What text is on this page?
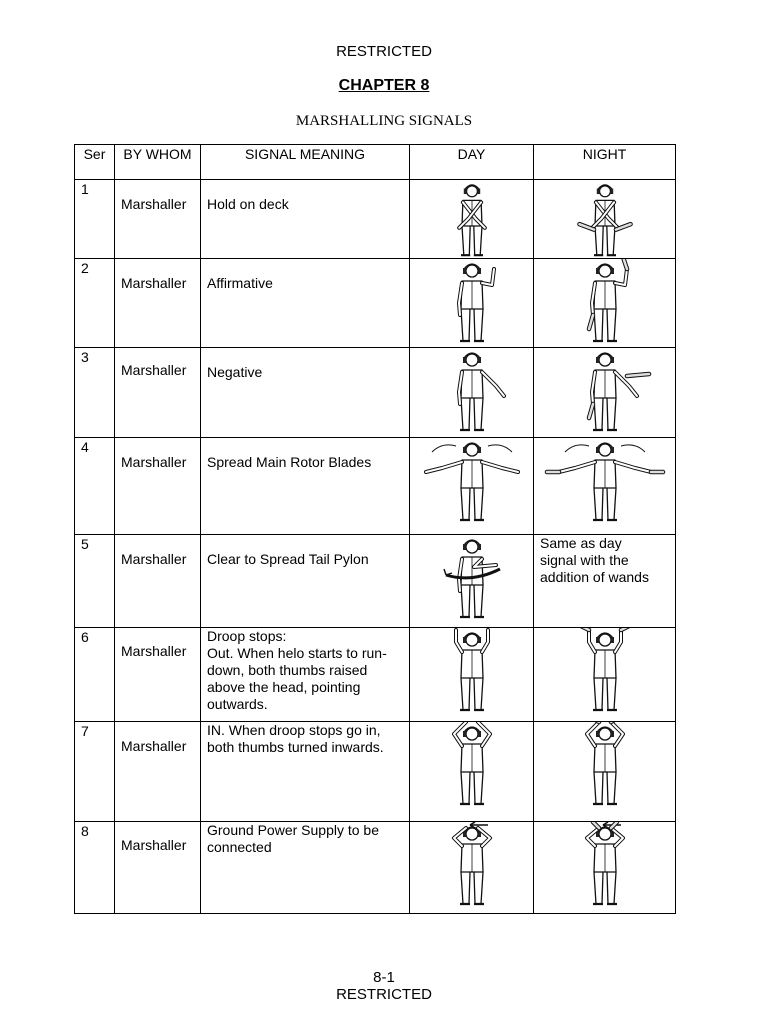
RESTRICTED
CHAPTER 8
MARSHALLING SIGNALS
Ser	BY WHOM	SIGNAL MEANING	DAY	NIGHT
1	Marshaller	Hold on deck

2	Marshaller	Affirmative

3	Marshaller	Negative

4	Marshaller	Spread Main Rotor Blades

5	Marshaller	Clear to Spread Tail Pylon		Same as day signal with the addition of wands

6	Marshaller	Droop stops:
Out. When helo starts to run-down, both thumbs raised above the head, pointing outwards.

7	Marshaller	IN. When droop stops go in, both thumbs turned inwards.

8	Marshaller	Ground Power Supply to be connected

8-1
RESTRICTED
